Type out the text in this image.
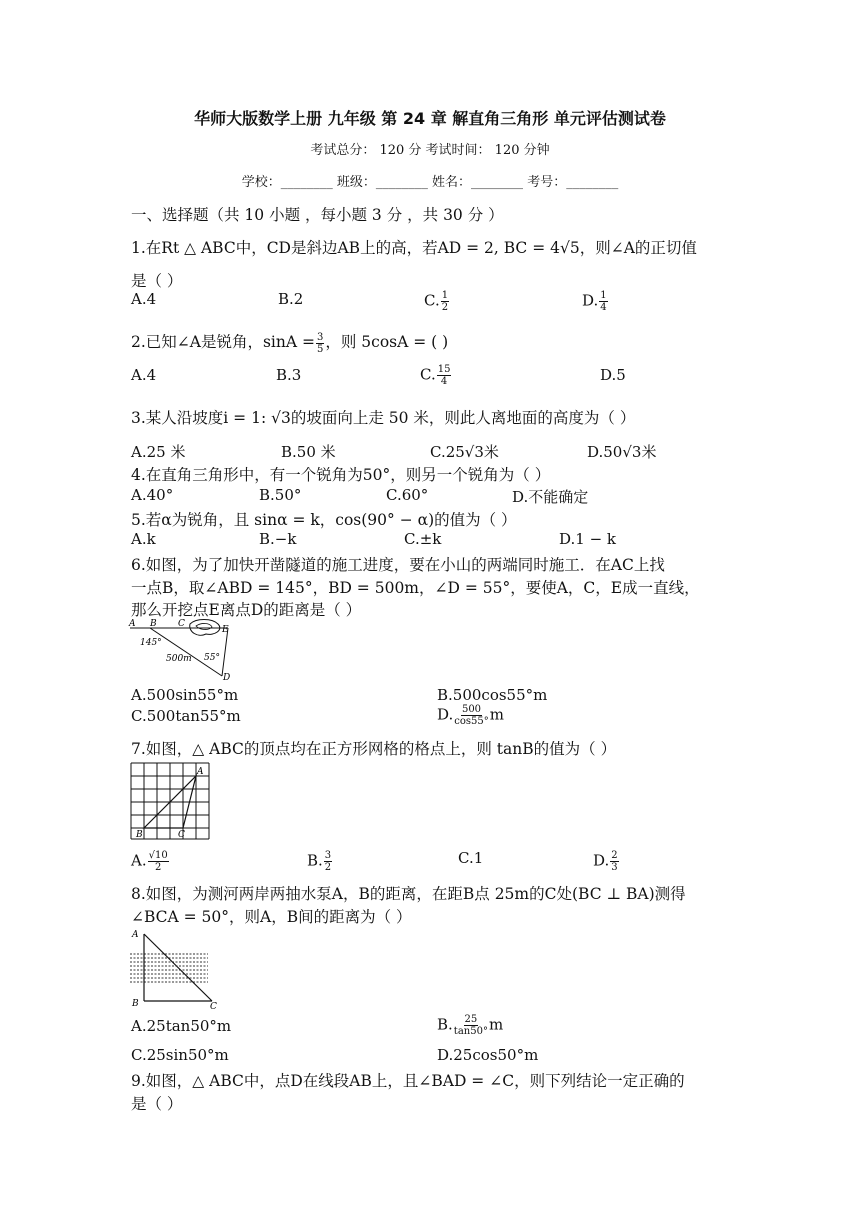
华师大版数学上册 九年级 第 24 章 解直角三角形 单元评估测试卷
考试总分： 120 分 考试时间： 120 分钟
学校：________ 班级：________ 姓名：________ 考号：________
一、选择题（共 10 小题 ，每小题 3 分 ，共 30 分 ）
1.在Rt △ ABC中，CD是斜边AB上的高，若AD = 2, BC = 4√5，则∠A的正切值
是（ ）
A.4	B.2	C. $\frac{1}{2}$	D. $\frac{1}{4}$
2.已知∠A是锐角，$\sin A = \frac{3}{5}$ ，则 5cosA = ( )
A.4	B.3	C. $\frac{15}{4}$	D.5
3.某人沿坡度i = 1: √3的坡面向上走 50 米，则此人离地面的高度为（ ）
A.25 米	B.50 米	C.25√3米	D.50√3米
4.在直角三角形中，有一个锐角为50°，则另一个锐角为（ ）
A.40°	B.50°	C.60°	D.不能确定
5.若α为锐角，且 sinα = k，cos(90° − α)的值为（ ）
A.k	B.−k	C.±k	D.1 − k
6.如图，为了加快开凿隧道的施工进度，要在小山的两端同时施工．在AC上找
一点B，取∠ABD = 145°，BD = 500m，∠D = 55°，要使A，C，E成一直线，
那么开挖点E离点D的距离是（ ）
A B C
E
D
145°
500m 55°
A.500sin55°m	B.500cos55°m
C.500tan55°m	D. $\frac{500}{\cos 55^\circ}$ m
7.如图，△ ABC的顶点均在正方形网格的格点上，则 tanB的值为（ ）
A
B	C
A. $\frac{√10}{2}$	B. $\frac{3}{2}$	C.1	D. $\frac{2}{3}$
8.如图，为测河两岸两抽水泵A，B的距离，在距B点 25m的C处(BC ⊥ BA)测得
∠BCA = 50°，则A，B间的距离为（ ）
A
B	C
A.25tan50°m	B. $\frac{25}{\tan 50^\circ}$ m
C.25sin50°m	D.25cos50°m
9.如图，△ ABC中，点D在线段AB上，且∠BAD = ∠C，则下列结论一定正确的
是（ ）
